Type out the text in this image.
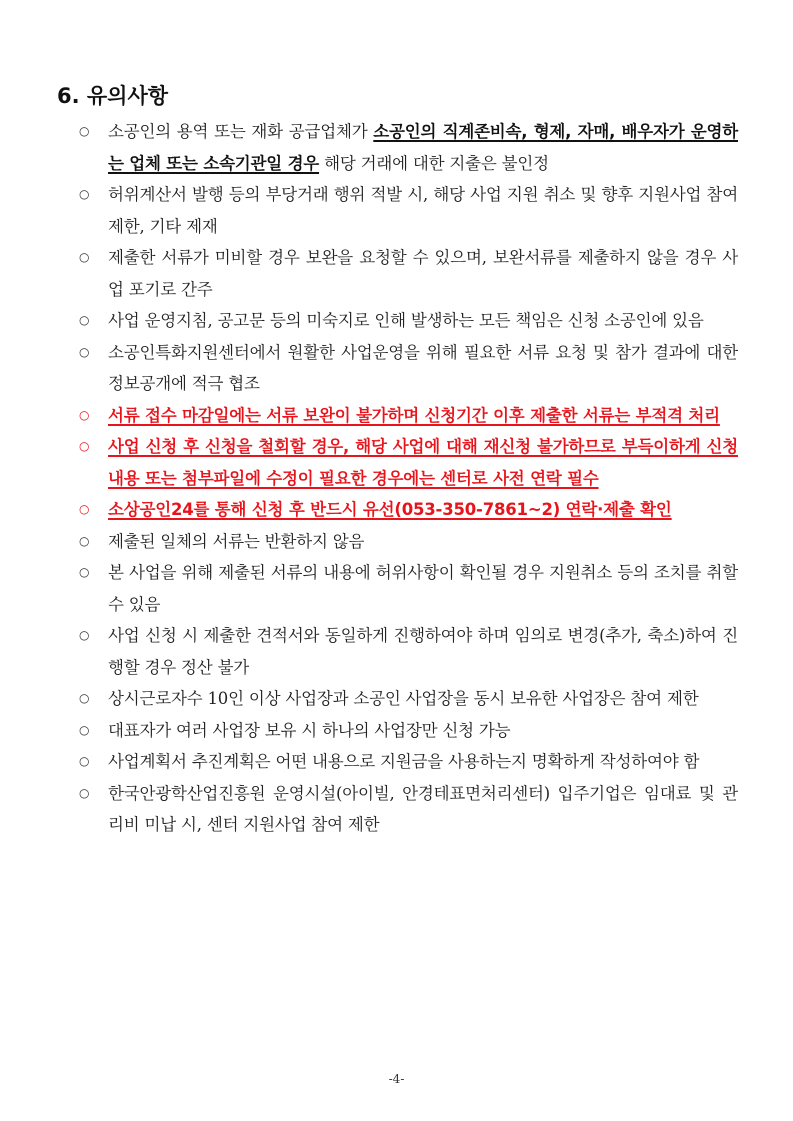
6. 유의사항
○ 소공인의 용역 또는 재화 공급업체가 소공인의 직계존비속, 형제, 자매, 배우자가 운영하는 업체 또는 소속기관일 경우 해당 거래에 대한 지출은 불인정
○ 허위계산서 발행 등의 부당거래 행위 적발 시, 해당 사업 지원 취소 및 향후 지원사업 참여 제한, 기타 제재
○ 제출한 서류가 미비할 경우 보완을 요청할 수 있으며, 보완서류를 제출하지 않을 경우 사업 포기로 간주
○ 사업 운영지침, 공고문 등의 미숙지로 인해 발생하는 모든 책임은 신청 소공인에 있음
○ 소공인특화지원센터에서 원활한 사업운영을 위해 필요한 서류 요청 및 참가 결과에 대한 정보공개에 적극 협조
○ 서류 접수 마감일에는 서류 보완이 불가하며 신청기간 이후 제출한 서류는 부적격 처리
○ 사업 신청 후 신청을 철회할 경우, 해당 사업에 대해 재신청 불가하므로 부득이하게 신청 내용 또는 첨부파일에 수정이 필요한 경우에는 센터로 사전 연락 필수
○ 소상공인24를 통해 신청 후 반드시 유선(053-350-7861~2) 연락·제출 확인
○ 제출된 일체의 서류는 반환하지 않음
○ 본 사업을 위해 제출된 서류의 내용에 허위사항이 확인될 경우 지원취소 등의 조치를 취할 수 있음
○ 사업 신청 시 제출한 견적서와 동일하게 진행하여야 하며 임의로 변경(추가, 축소)하여 진행할 경우 정산 불가
○ 상시근로자수 10인 이상 사업장과 소공인 사업장을 동시 보유한 사업장은 참여 제한
○ 대표자가 여러 사업장 보유 시 하나의 사업장만 신청 가능
○ 사업계획서 추진계획은 어떤 내용으로 지원금을 사용하는지 명확하게 작성하여야 함
○ 한국안광학산업진흥원 운영시설(아이빌, 안경테표면처리센터) 입주기업은 임대료 및 관리비 미납 시, 센터 지원사업 참여 제한
-4-
